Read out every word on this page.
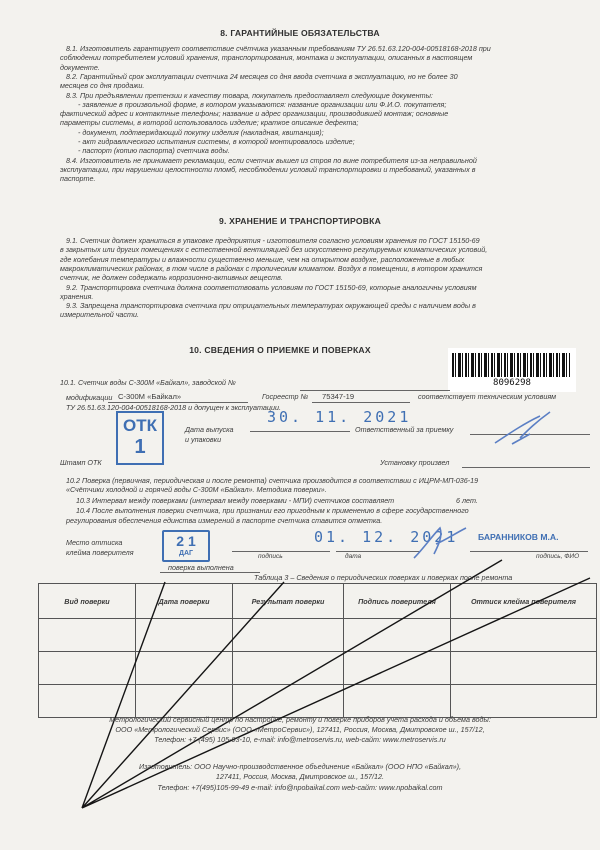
8. ГАРАНТИЙНЫЕ ОБЯЗАТЕЛЬСТВА
8.1. Изготовитель гарантирует соответствие счётчика указанным требованиям ТУ 26.51.63.120-004-00518168-2018 при
соблюдении потребителем условий хранения, транспортирования, монтажа и эксплуатации, описанных в настоящем
документе.
8.2. Гарантийный срок эксплуатации счетчика 24 месяцев со дня ввода счетчика в эксплуатацию, но не более 30
месяцев со дня продажи.
8.3. При предъявлении претензии к качеству товара, покупатель предоставляет следующие документы:
- заявление в произвольной форме, в котором указываются: название организации или Ф.И.О. покупателя;
фактический адрес и контактные телефоны; название и адрес организации, производившей монтаж; основные
параметры системы, в которой использовалось изделие; краткое описание дефекта;
- документ, подтверждающий покупку изделия (накладная, квитанция);
- акт гидравлического испытания системы, в которой монтировалось изделие;
- паспорт (копию паспорта) счетчика воды.
8.4. Изготовитель не принимает рекламации, если счетчик вышел из строя по вине потребителя из-за неправильной
эксплуатации, при нарушении целостности пломб, несоблюдении условий транспортировки и требований, указанных в
паспорте.
9. ХРАНЕНИЕ И ТРАНСПОРТИРОВКА
9.1. Счетчик должен храниться в упаковке предприятия - изготовителя согласно условиям хранения по ГОСТ 15150-69
в закрытых или других помещениях с естественной вентиляцией без искусственно регулируемых климатических условий,
где колебания температуры и влажности существенно меньше, чем на открытом воздухе, расположенные в любых
макроклиматических районах, в том числе в районах с тропическим климатом. Воздух в помещении, в котором хранится
счетчик, не должен содержать коррозионно-активных веществ.
9.2. Транспортировка счетчика должна соответствовать условиям по ГОСТ 15150-69, которые аналогичны условиям
хранения.
9.3. Запрещена транспортировка счетчика при отрицательных температурах окружающей среды с наличием воды в
измерительной части.
8096298
10. СВЕДЕНИЯ О ПРИЕМКЕ И ПОВЕРКАХ
10.1. Счетчик воды С-300М «Байкал», заводской №
модификации С-300М «Байкал»	Госреестр № 75347-19	соответствует техническим условиям
ТУ 26.51.63.120-004-00518168-2018 и допущен к эксплуатации.
ОТК
1
Дата выпуска
и упаковки
30. 11. 2021
Ответственный за приемку
Штамп ОТК	Установку произвел
10.2 Поверка (первичная, периодическая и после ремонта) счетчика производится в соответствии с ИЦРМ-МП-036-19
«Счётчики холодной и горячей воды С-300М «Байкал». Методика поверки».
10.3 Интервал между поверками (интервал между поверками - МПИ) счетчиков составляет	6 лет.
10.4 После выполнения поверки счетчика, при признании его пригодным к применению в сфере государственного
регулирования обеспечения единства измерений в паспорте счетчика ставится отметка.
Место оттиска
клейма поверителя
2 1
ДАГ
01. 12. 2021 БАРАННИКОВ М.А.
подпись	дата	подпись, ФИО
поверка выполнена
Таблица 3 – Сведения о периодических поверках и поверках после ремонта
Вид поверки	Дата поверки	Результат поверки	Подпись поверителя	Оттиск клейма поверителя

Метрологический сервисный центр по настройке, ремонту и поверке приборов учета расхода и объема воды:
ООО «Метрологический Сервис» (ООО «МетроСервис»), 127411, Россия, Москва, Дмитровское ш., 157/12,
Телефон: +7 (495) 105-93-10, e-mail: info@metroservis.ru, web-сайт: www.metroservis.ru
Изготовитель: ООО Научно-производственное объединение «Байкал» (ООО НПО «Байкал»),
127411, Россия, Москва, Дмитровское ш., 157/12.
Телефон: +7(495)105-99-49 e-mail: info@npobaikal.com web-сайт: www.npobaikal.com
